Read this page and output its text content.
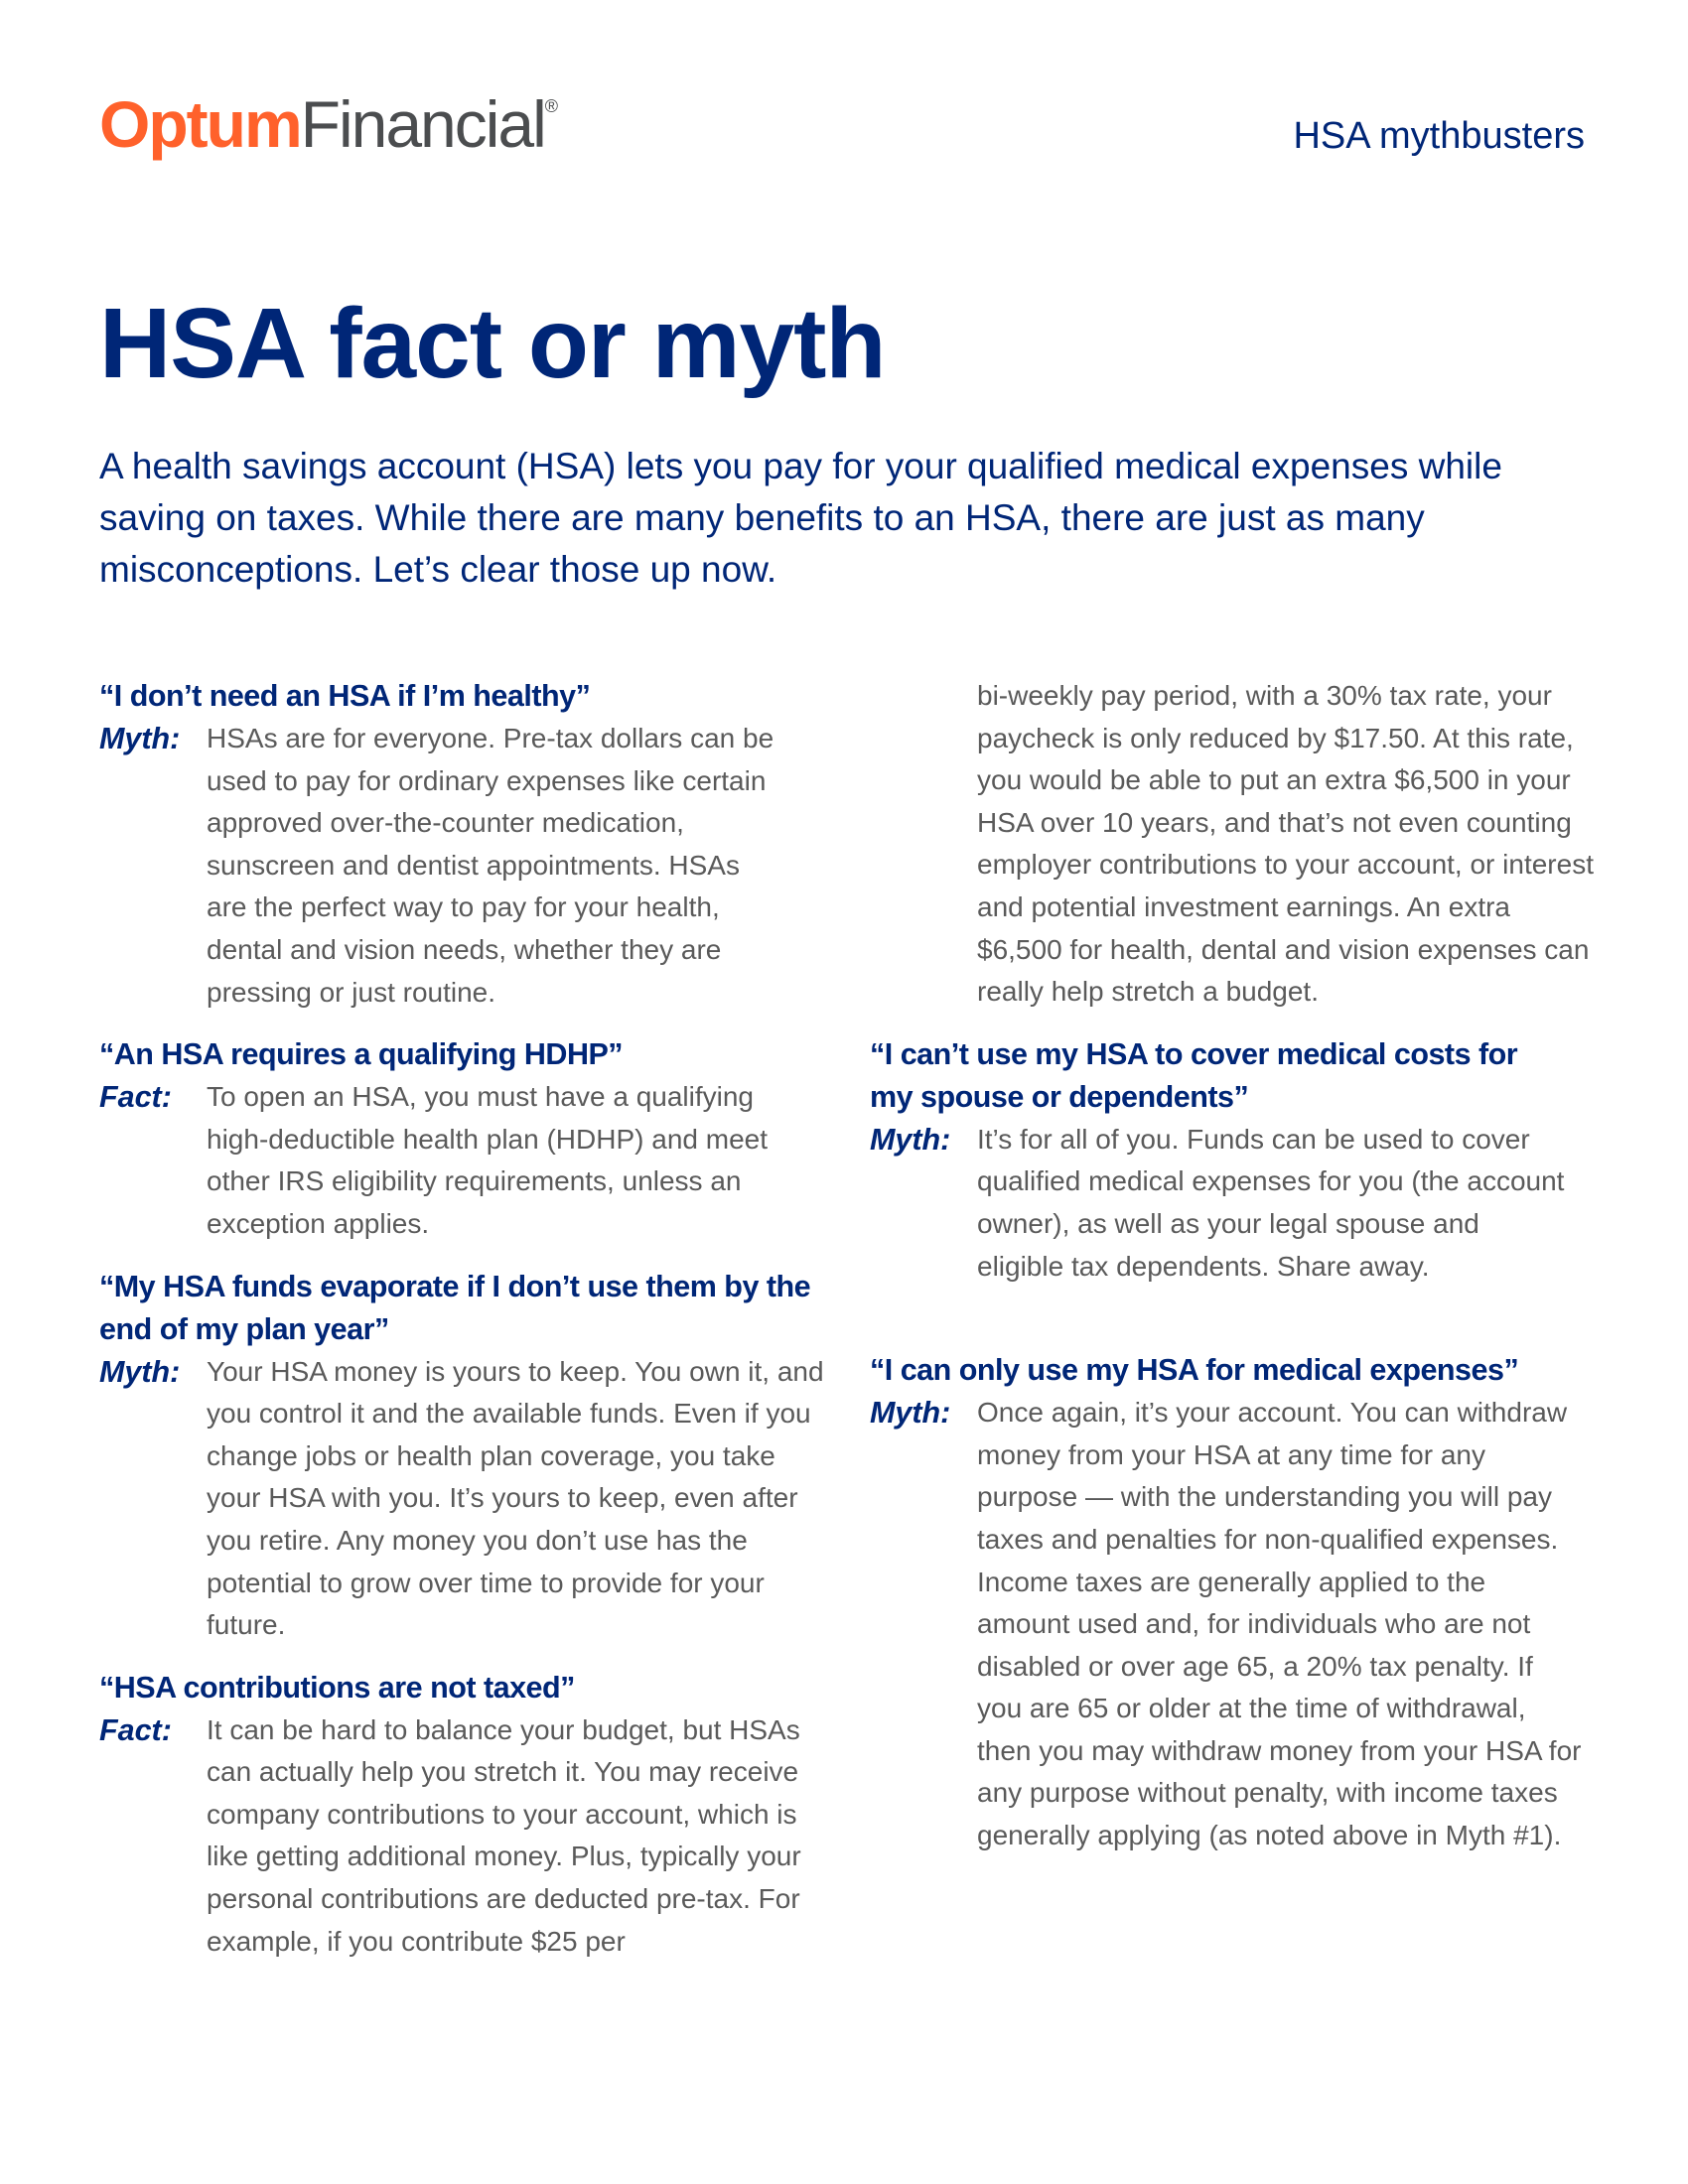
OptumFinancial®
HSA mythbusters
HSA fact or myth

A health savings account (HSA) lets you pay for your qualified medical expenses while saving on taxes. While there are many benefits to an HSA, there are just as many misconceptions. Let’s clear those up now.

“I don’t need an HSA if I’m healthy”

Myth: HSAs are for everyone. Pre-tax dollars can be used to pay for ordinary expenses like certain approved over-the-counter medication, sunscreen and dentist appointments. HSAs are the perfect way to pay for your health, dental and vision needs, whether they are pressing or just routine.

“An HSA requires a qualifying HDHP”

Fact: To open an HSA, you must have a qualifying high-deductible health plan (HDHP) and meet other IRS eligibility requirements, unless an exception applies.

“My HSA funds evaporate if I don’t use them by the end of my plan year”

Myth: Your HSA money is yours to keep. You own it, and you control it and the available funds. Even if you change jobs or health plan coverage, you take your HSA with you. It’s yours to keep, even after you retire. Any money you don’t use has the potential to grow over time to provide for your future.

“HSA contributions are not taxed”

Fact: It can be hard to balance your budget, but HSAs can actually help you stretch it. You may receive company contributions to your account, which is like getting additional money. Plus, typically your personal contributions are deducted pre-tax. For example, if you contribute $25 per

bi-weekly pay period, with a 30% tax rate, your paycheck is only reduced by $17.50. At this rate, you would be able to put an extra $6,500 in your HSA over 10 years, and that’s not even counting employer contributions to your account, or interest and potential investment earnings. An extra $6,500 for health, dental and vision expenses can really help stretch a budget.

“I can’t use my HSA to cover medical costs for my spouse or dependents”

Myth: It’s for all of you. Funds can be used to cover qualified medical expenses for you (the account owner), as well as your legal spouse and eligible tax dependents. Share away.

“I can only use my HSA for medical expenses”

Myth: Once again, it’s your account. You can withdraw money from your HSA at any time for any purpose — with the understanding you will pay taxes and penalties for non-qualified expenses. Income taxes are generally applied to the amount used and, for individuals who are not disabled or over age 65, a 20% tax penalty. If you are 65 or older at the time of withdrawal, then you may withdraw money from your HSA for any purpose without penalty, with income taxes generally applying (as noted above in Myth #1).
